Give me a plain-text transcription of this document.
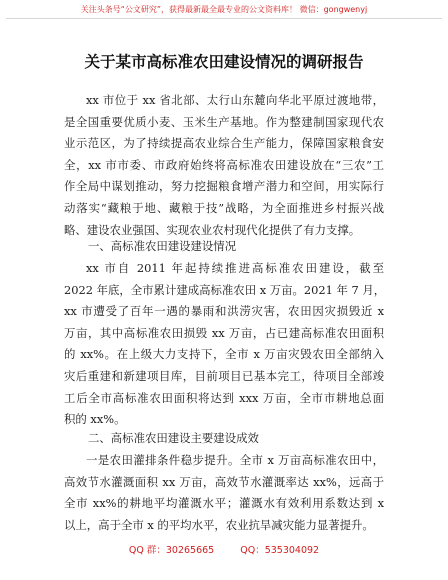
关注头条号“公文研究”，获得最新最全最专业的公文资料库！ 微信：gongwenyj
关于某市高标准农田建设情况的调研报告
xx 市位于 xx 省北部、太行山东麓向华北平原过渡地带，
是全国重要优质小麦、玉米生产基地。作为整建制国家现代农
业示范区，为了持续提高农业综合生产能力，保障国家粮食安
全，xx 市市委、市政府始终将高标准农田建设放在“三农”工
作全局中谋划推动，努力挖掘粮食增产潜力和空间，用实际行
动落实“藏粮于地、藏粮于技”战略，为全面推进乡村振兴战
略、建设农业强国、实现农业农村现代化提供了有力支撑。
一、高标准农田建设建设情况
xx 市自 2011 年起持续推进高标准农田建设，截至
2022 年底，全市累计建成高标准农田 x 万亩。2021 年 7 月，
xx 市遭受了百年一遇的暴雨和洪涝灾害，农田因灾损毁近 x
万亩，其中高标准农田损毁 xx 万亩，占已建高标准农田面积
的 xx%。在上级大力支持下，全市 x 万亩灾毁农田全部纳入
灾后重建和新建项目库，目前项目已基本完工，待项目全部竣
工后全市高标准农田面积将达到 xxx 万亩，全市市耕地总面
积的 xx%。
二、高标准农田建设主要建设成效
一是农田灌排条件稳步提升。全市 x 万亩高标准农田中，
高效节水灌溉面积 xx 万亩，高效节水灌溉率达 xx%，远高于
全市 xx%的耕地平均灌溉水平；灌溉水有效利用系数达到 x
以上，高于全市 x 的平均水平，农业抗旱减灾能力显著提升。
QQ 群：30265665	QQ：535304092
